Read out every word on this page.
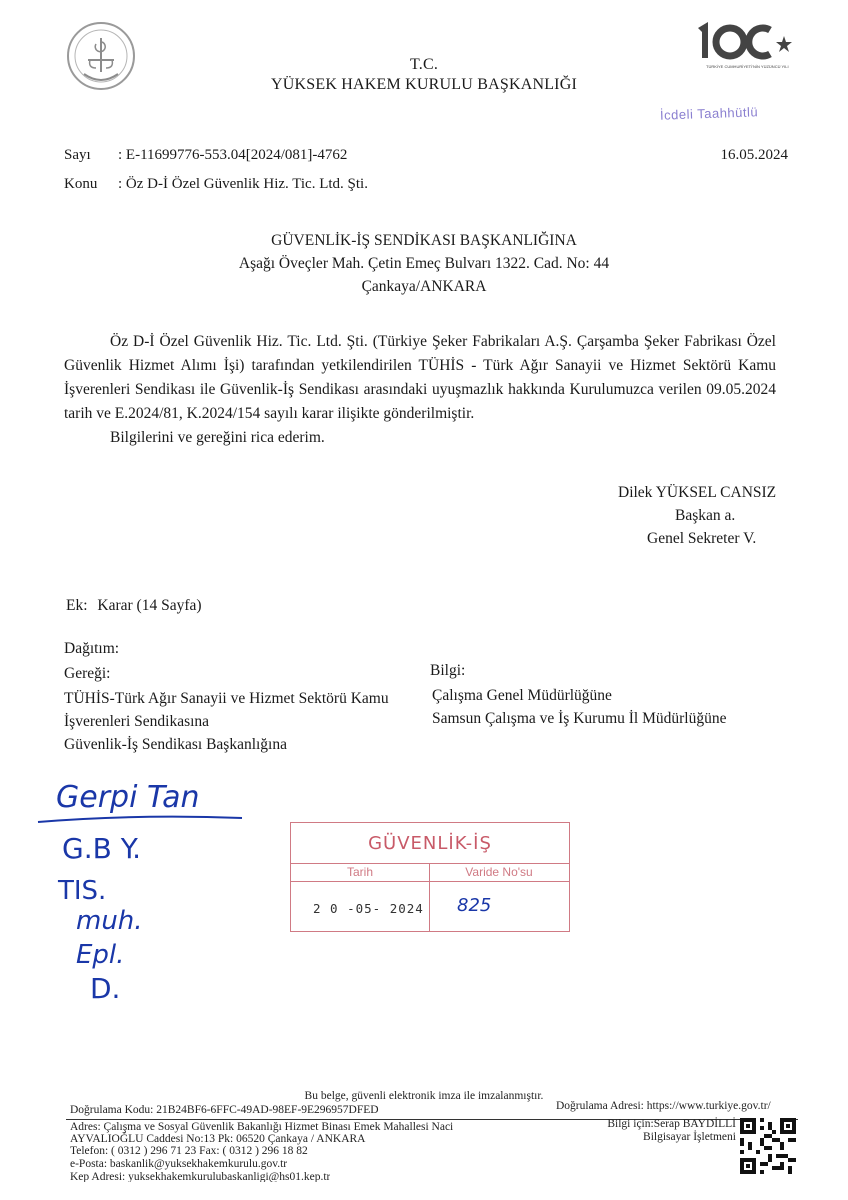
TÜRKİYE CUMHURİYETİ'NİN YÜZÜNCÜ YILI
T.C.
YÜKSEK HAKEM KURULU BAŞKANLIĞI
İcdeli Taahhütlü
Sayı : E-11699776-553.04[2024/081]-4762
Konu : Öz D-İ Özel Güvenlik Hiz. Tic. Ltd. Şti.
16.05.2024
GÜVENLİK-İŞ SENDİKASI BAŞKANLIĞINA
Aşağı Öveçler Mah. Çetin Emeç Bulvarı 1322. Cad. No: 44
Çankaya/ANKARA
Öz D-İ Özel Güvenlik Hiz. Tic. Ltd. Şti. (Türkiye Şeker Fabrikaları A.Ş. Çarşamba Şeker Fabrikası Özel Güvenlik Hizmet Alımı İşi) tarafından yetkilendirilen TÜHİS - Türk Ağır Sanayii ve Hizmet Sektörü Kamu İşverenleri Sendikası ile Güvenlik-İş Sendikası arasındaki uyuşmazlık hakkında Kurulumuzca verilen 09.05.2024 tarih ve E.2024/81, K.2024/154 sayılı karar ilişikte gönderilmiştir.
Bilgilerini ve gereğini rica ederim.
Dilek YÜKSEL CANSIZ
Başkan a.
Genel Sekreter V.
Ek: Karar (14 Sayfa)
Dağıtım:
Gereği:
TÜHİS-Türk Ağır Sanayii ve Hizmet Sektörü Kamu
İşverenleri Sendikasına
Güvenlik-İş Sendikası Başkanlığına
Bilgi:
Çalışma Genel Müdürlüğüne
Samsun Çalışma ve İş Kurumu İl Müdürlüğüne
Gerpi Tan
G.B Y.
TIS.
muh.
Epl.
D.
GÜVENLİK-İŞ
Tarih	Varide No'su
2 0 -05- 2024 825
Bu belge, güvenli elektronik imza ile imzalanmıştır.
Doğrulama Kodu: 21B24BF6-6FFC-49AD-98EF-9E296957DFED	Doğrulama Adresi: https://www.turkiye.gov.tr/
Adres: Çalışma ve Sosyal Güvenlik Bakanlığı Hizmet Binası Emek Mahallesi Naci
AYVALIOĞLU Caddesi No:13 Pk: 06520 Çankaya / ANKARA
Telefon: ( 0312 ) 296 71 23 Fax: ( 0312 ) 296 18 82
e-Posta: baskanlik@yuksekhakemkurulu.gov.tr
Kep Adresi: yuksekhakemkurulubaskanligi@hs01.kep.tr
Bilgi için:Serap BAYDİLLİ
Bilgisayar İşletmeni
